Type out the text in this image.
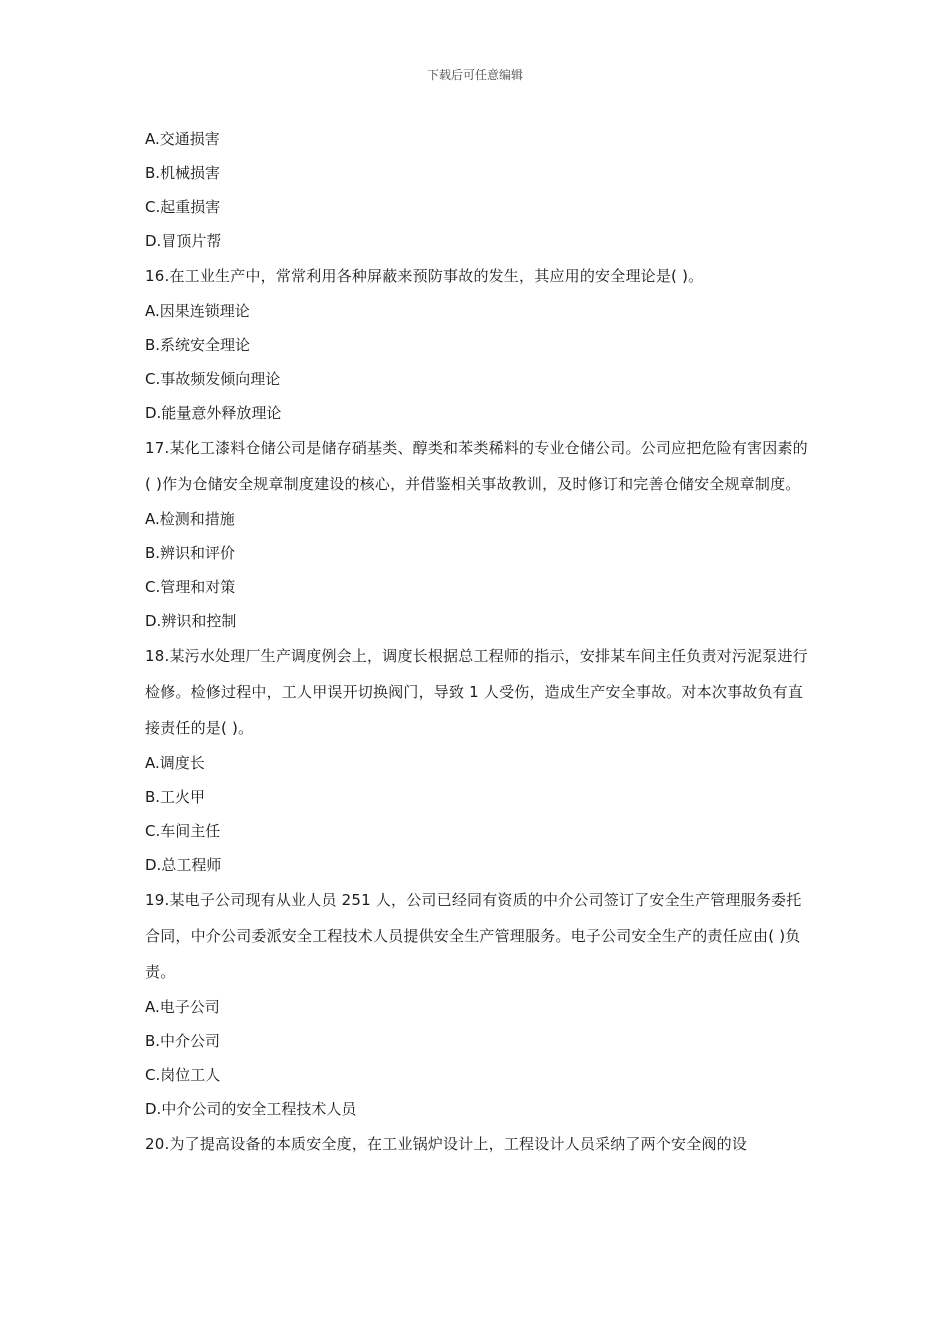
下载后可任意编辑
A.交通损害
B.机械损害
C.起重损害
D.冒顶片帮
16.在工业生产中，常常利用各种屏蔽来预防事故的发生，其应用的安全理论是( )。
A.因果连锁理论
B.系统安全理论
C.事故频发倾向理论
D.能量意外释放理论
17.某化工漆料仓储公司是储存硝基类、醇类和苯类稀料的专业仓储公司。公司应把危险有害因素的( )作为仓储安全规章制度建设的核心，并借鉴相关事故教训，及时修订和完善仓储安全规章制度。
A.检测和措施
B.辨识和评价
C.管理和对策
D.辨识和控制
18.某污水处理厂生产调度例会上，调度长根据总工程师的指示，安排某车间主任负责对污泥泵进行检修。检修过程中，工人甲误开切换阀门，导致 1 人受伤，造成生产安全事故。对本次事故负有直接责任的是( )。
A.调度长
B.工火甲
C.车间主任
D.总工程师
19.某电子公司现有从业人员 251 人，公司已经同有资质的中介公司签订了安全生产管理服务委托合同，中介公司委派安全工程技术人员提供安全生产管理服务。电子公司安全生产的责任应由( )负责。
A.电子公司
B.中介公司
C.岗位工人
D.中介公司的安全工程技术人员
20.为了提高设备的本质安全度，在工业锅炉设计上，工程设计人员采纳了两个安全阀的设
